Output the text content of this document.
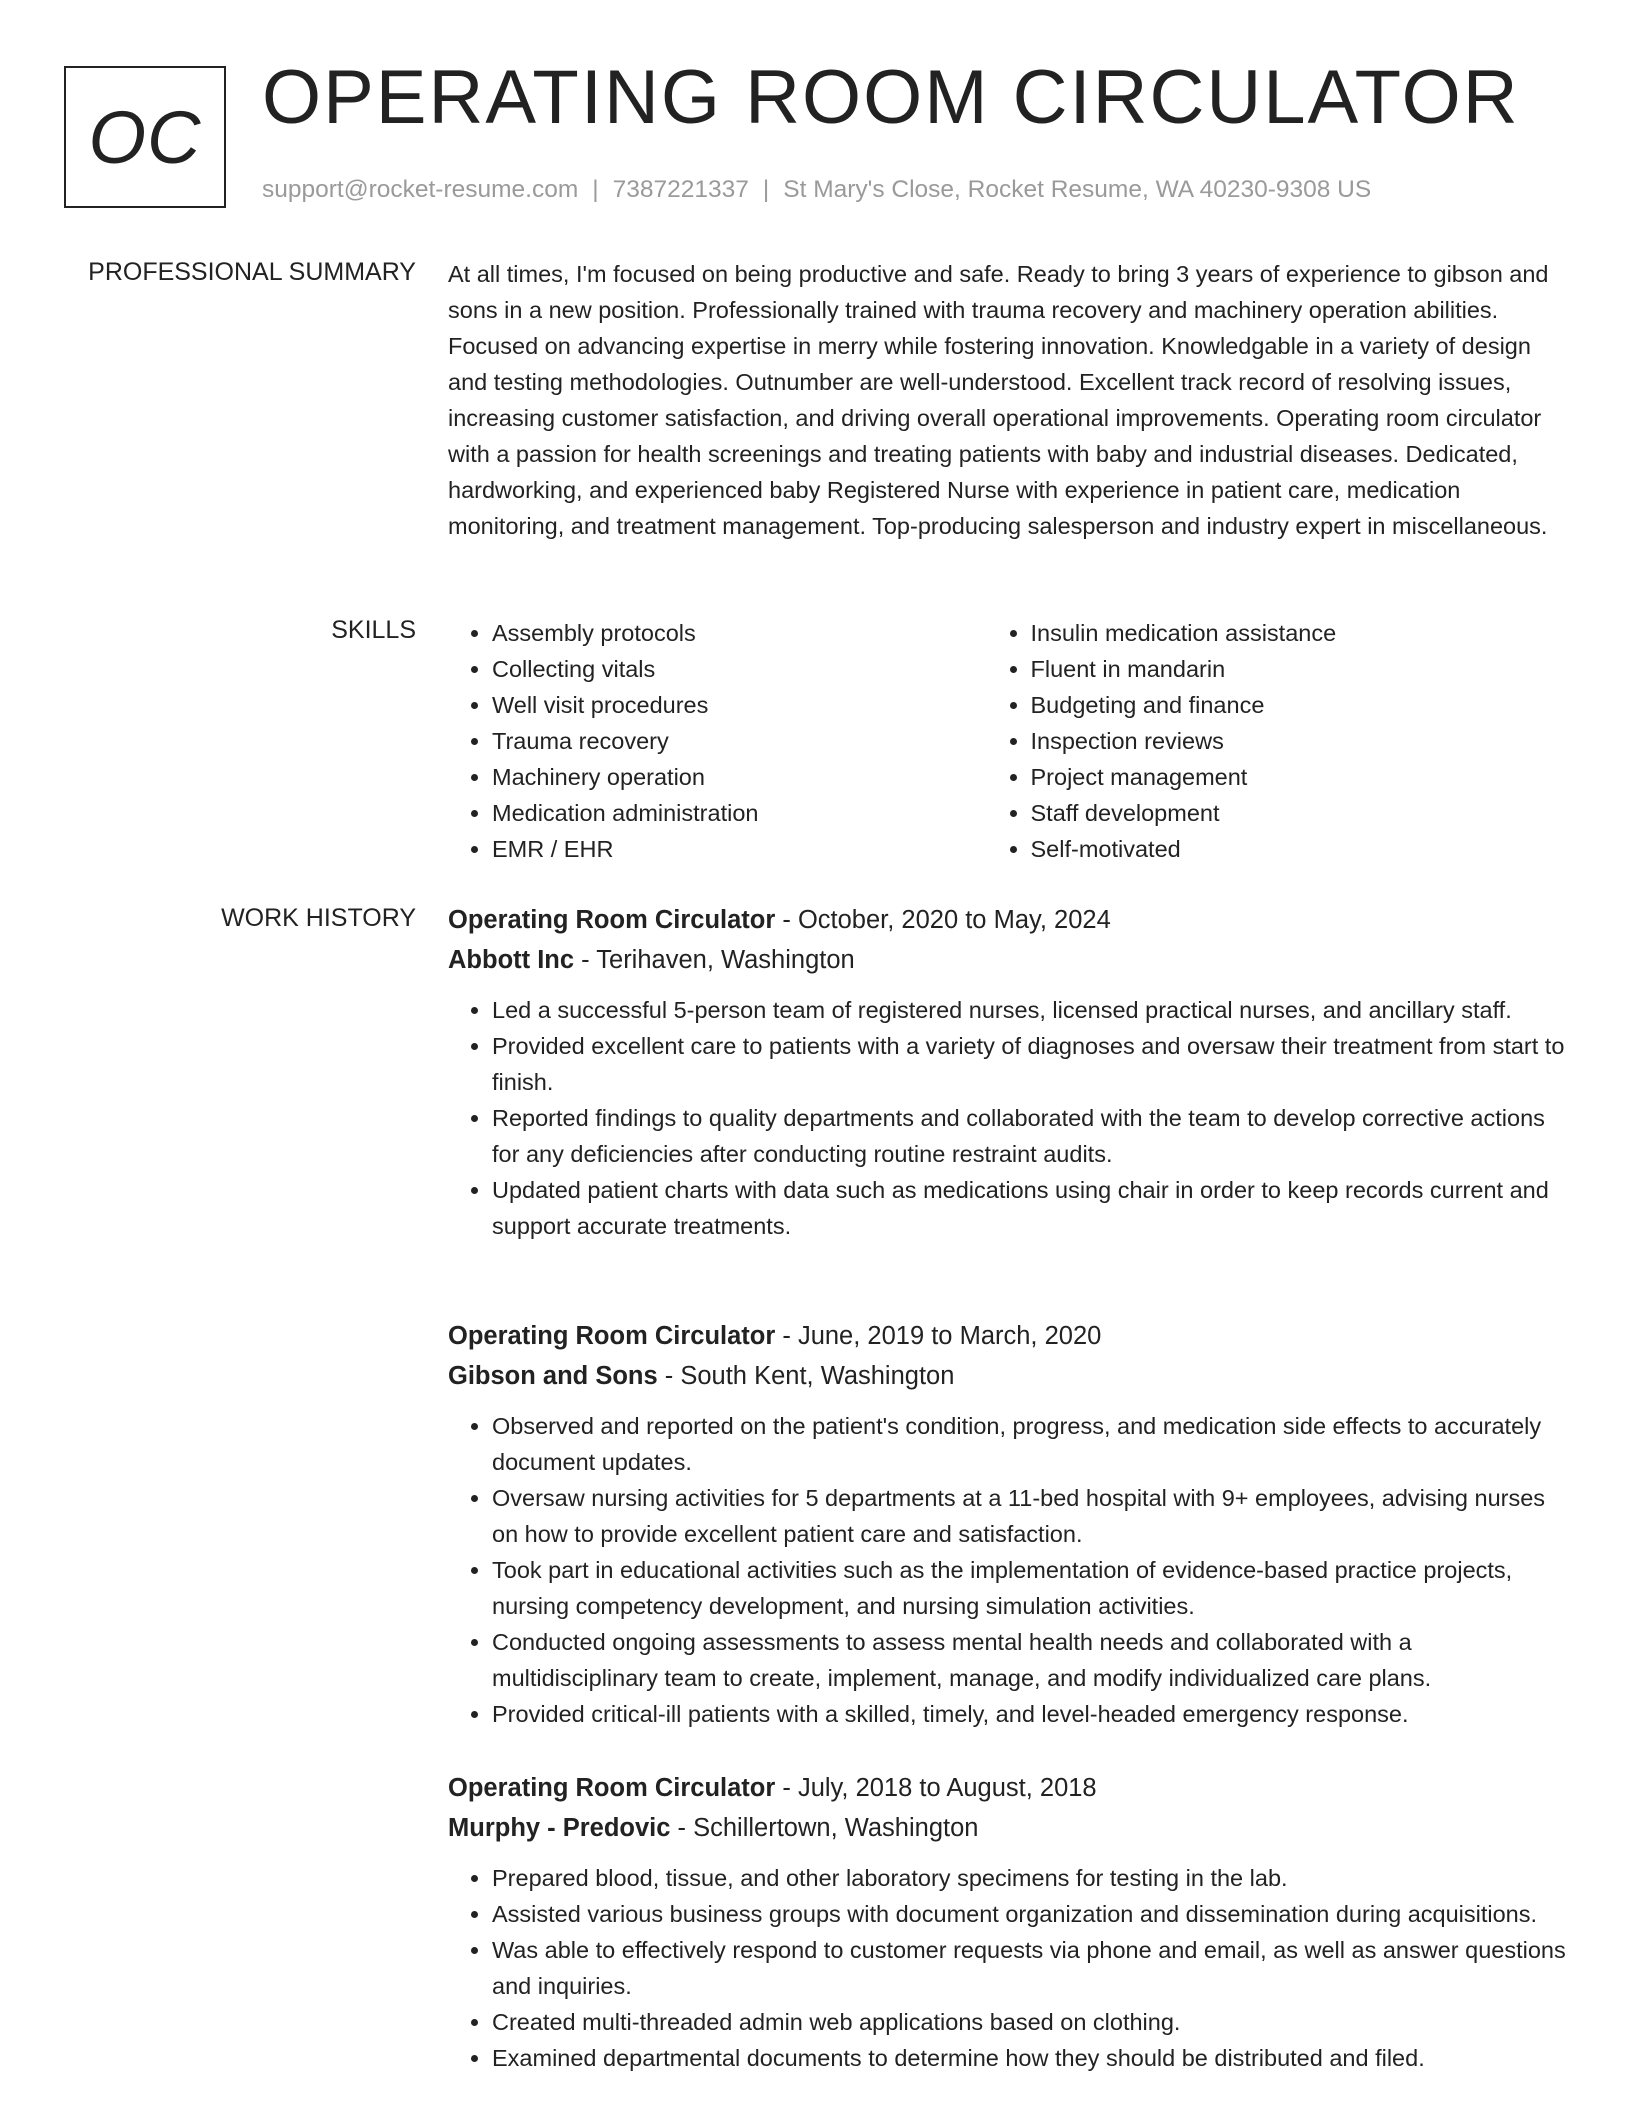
OC OPERATING ROOM CIRCULATOR
support@rocket-resume.com | 7387221337 | St Mary's Close, Rocket Resume, WA 40230-9308 US
PROFESSIONAL SUMMARY At all times, I'm focused on being productive and safe. Ready to bring 3 years of experience to gibson and sons in a new position. Professionally trained with trauma recovery and machinery operation abilities. Focused on advancing expertise in merry while fostering innovation. Knowledgable in a variety of design and testing methodologies. Outnumber are well-understood. Excellent track record of resolving issues, increasing customer satisfaction, and driving overall operational improvements. Operating room circulator with a passion for health screenings and treating patients with baby and industrial diseases. Dedicated, hardworking, and experienced baby Registered Nurse with experience in patient care, medication monitoring, and treatment management. Top-producing salesperson and industry expert in miscellaneous.

SKILLS
•	Assembly protocols
• Collecting vitals
• Well visit procedures
• Trauma recovery
• Machinery operation
• Medication administration
• EMR / EHR
• Insulin medication assistance
• Fluent in mandarin
• Budgeting and finance
• Inspection reviews
• Project management
• Staff development
• Self-motivated
WORK HISTORY Operating Room Circulator - October, 2020 to May, 2024
Abbott Inc - Terihaven, Washington
• Led a successful 5-person team of registered nurses, licensed practical nurses, and ancillary staff.
• Provided excellent care to patients with a variety of diagnoses and oversaw their treatment from start to finish.
• Reported findings to quality departments and collaborated with the team to develop corrective actions for any deficiencies after conducting routine restraint audits.
• Updated patient charts with data such as medications using chair in order to keep records current and support accurate treatments.
Operating Room Circulator - June, 2019 to March, 2020
Gibson and Sons - South Kent, Washington
• Observed and reported on the patient's condition, progress, and medication side effects to accurately document updates.
• Oversaw nursing activities for 5 departments at a 11-bed hospital with 9+ employees, advising nurses on how to provide excellent patient care and satisfaction.
• Took part in educational activities such as the implementation of evidence-based practice projects, nursing competency development, and nursing simulation activities.
• Conducted ongoing assessments to assess mental health needs and collaborated with a multidisciplinary team to create, implement, manage, and modify individualized care plans.
• Provided critical-ill patients with a skilled, timely, and level-headed emergency response.
Operating Room Circulator - July, 2018 to August, 2018
Murphy - Predovic - Schillertown, Washington
• Prepared blood, tissue, and other laboratory specimens for testing in the lab.
• Assisted various business groups with document organization and dissemination during acquisitions.
• Was able to effectively respond to customer requests via phone and email, as well as answer questions and inquiries.
• Created multi-threaded admin web applications based on clothing.
• Examined departmental documents to determine how they should be distributed and filed.
